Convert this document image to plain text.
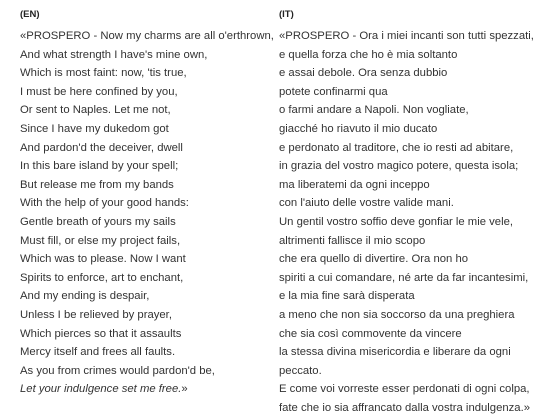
(EN)
«PROSPERO - Now my charms are all o'erthrown,
And what strength I have's mine own,
Which is most faint: now, 'tis true,
I must be here confined by you,
Or sent to Naples. Let me not,
Since I have my dukedom got
And pardon'd the deceiver, dwell
In this bare island by your spell;
But release me from my bands
With the help of your good hands:
Gentle breath of yours my sails
Must fill, or else my project fails,
Which was to please. Now I want
Spirits to enforce, art to enchant,
And my ending is despair,
Unless I be relieved by prayer,
Which pierces so that it assaults
Mercy itself and frees all faults.
As you from crimes would pardon'd be,
Let your indulgence set me free.»
(IT)
«PROSPERO - Ora i miei incanti son tutti spezzati,
e quella forza che ho è mia soltanto
e assai debole. Ora senza dubbio
potete confinarmi qua
o farmi andare a Napoli. Non vogliate,
giacché ho riavuto il mio ducato
e perdonato al traditore, che io resti ad abitare,
in grazia del vostro magico potere, questa isola;
ma liberatemi da ogni inceppo
con l'aiuto delle vostre valide mani.
Un gentil vostro soffio deve gonfiar le mie vele,
altrimenti fallisce il mio scopo
che era quello di divertire. Ora non ho
spiriti a cui comandare, né arte da far incantesimi,
e la mia fine sarà disperata
a meno che non sia soccorso da una preghiera
che sia così commovente da vincere
la stessa divina misericordia e liberare da ogni
peccato.
E come voi vorreste esser perdonati di ogni colpa,
fate che io sia affrancato dalla vostra indulgenza.»
